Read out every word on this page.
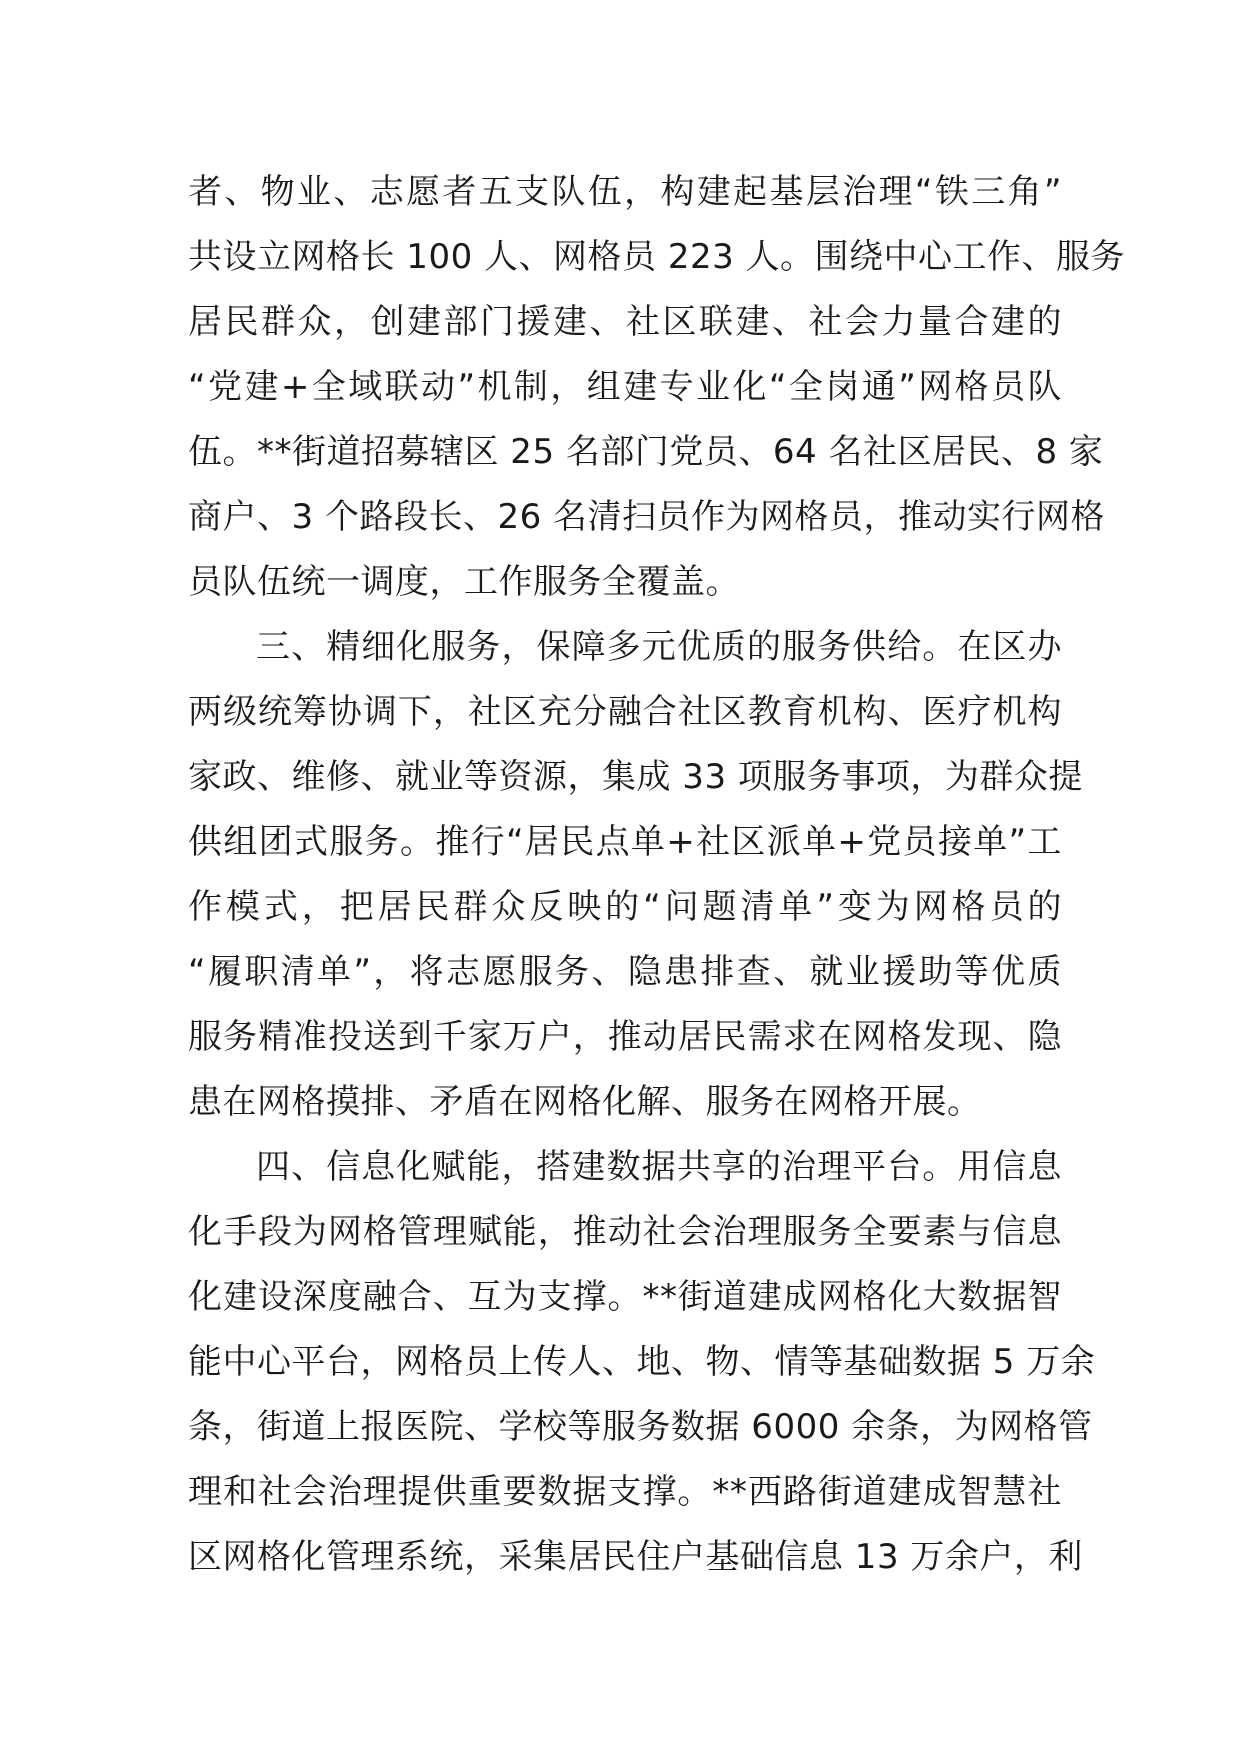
者、物业、志愿者五支队伍，构建起基层治理“铁三角”
共设立网格长 100 人、网格员 223 人。围绕中心工作、服务
居民群众，创建部门援建、社区联建、社会力量合建的
“党建+全域联动”机制，组建专业化“全岗通”网格员队
伍。**街道招募辖区 25 名部门党员、64 名社区居民、8 家
商户、3 个路段长、26 名清扫员作为网格员，推动实行网格
员队伍统一调度，工作服务全覆盖。
三、精细化服务，保障多元优质的服务供给。在区办
两级统筹协调下，社区充分融合社区教育机构、医疗机构
家政、维修、就业等资源，集成 33 项服务事项，为群众提
供组团式服务。推行“居民点单+社区派单+党员接单”工
作模式，把居民群众反映的“问题清单”变为网格员的
“履职清单”，将志愿服务、隐患排查、就业援助等优质
服务精准投送到千家万户，推动居民需求在网格发现、隐
患在网格摸排、矛盾在网格化解、服务在网格开展。
四、信息化赋能，搭建数据共享的治理平台。用信息
化手段为网格管理赋能，推动社会治理服务全要素与信息
化建设深度融合、互为支撑。**街道建成网格化大数据智
能中心平台，网格员上传人、地、物、情等基础数据 5 万余
条，街道上报医院、学校等服务数据 6000 余条，为网格管
理和社会治理提供重要数据支撑。**西路街道建成智慧社
区网格化管理系统，采集居民住户基础信息 13 万余户，利
